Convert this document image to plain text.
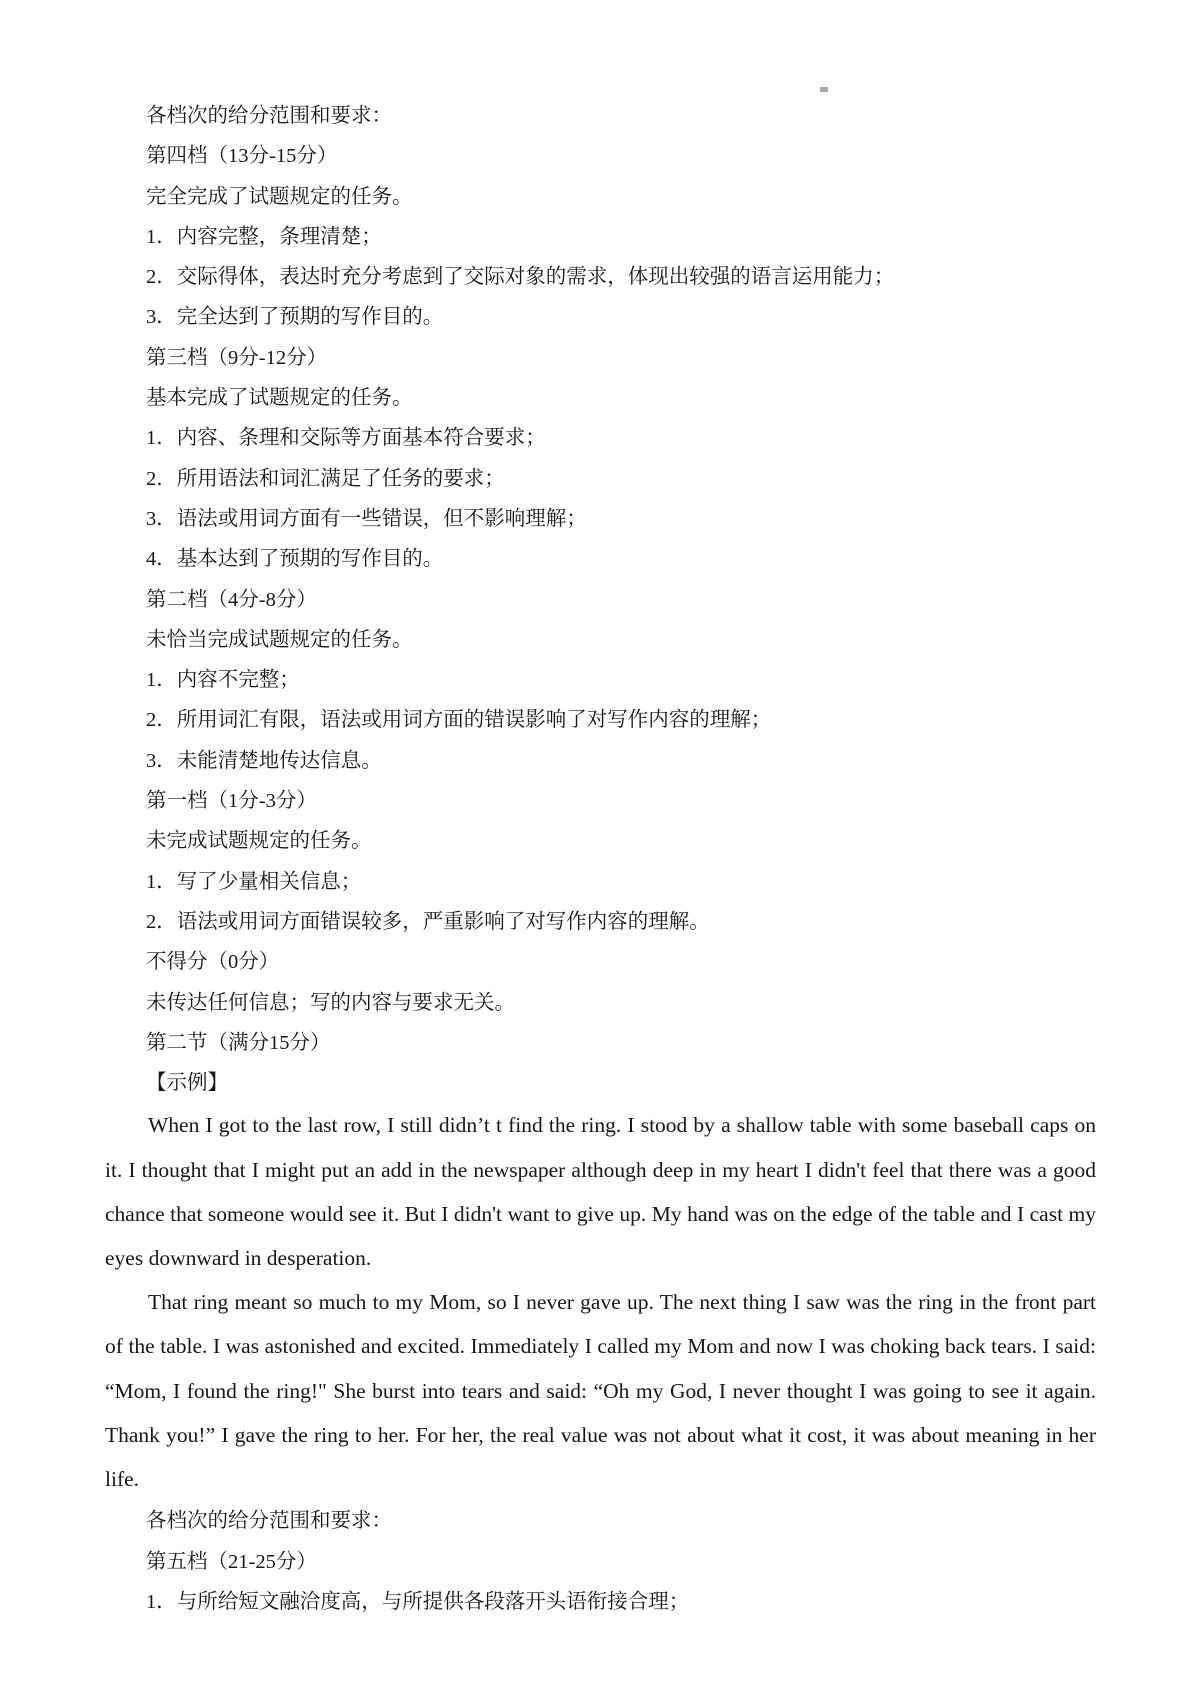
各档次的给分范围和要求：

第四档（13分-15分）

完全完成了试题规定的任务。

1．内容完整，条理清楚；

2．交际得体，表达时充分考虑到了交际对象的需求，体现出较强的语言运用能力；

3．完全达到了预期的写作目的。

第三档（9分-12分）

基本完成了试题规定的任务。

1．内容、条理和交际等方面基本符合要求；

2．所用语法和词汇满足了任务的要求；

3．语法或用词方面有一些错误，但不影响理解；

4．基本达到了预期的写作目的。

第二档（4分-8分）

未恰当完成试题规定的任务。

1．内容不完整；

2．所用词汇有限，语法或用词方面的错误影响了对写作内容的理解；

3．未能清楚地传达信息。

第一档（1分-3分）

未完成试题规定的任务。

1．写了少量相关信息；

2．语法或用词方面错误较多，严重影响了对写作内容的理解。

不得分（0分）

未传达任何信息；写的内容与要求无关。

第二节（满分15分）

【示例】

When I got to the last row, I still didn’t t find the ring. I stood by a shallow table with some baseball caps on it. I thought that I might put an add in the newspaper although deep in my heart I didn't feel that there was a good chance that someone would see it. But I didn't want to give up. My hand was on the edge of the table and I cast my eyes downward in desperation.

That ring meant so much to my Mom, so I never gave up. The next thing I saw was the ring in the front part of the table. I was astonished and excited. Immediately I called my Mom and now I was choking back tears. I said: “Mom, I found the ring!" She burst into tears and said: “Oh my God, I never thought I was going to see it again. Thank you!” I gave the ring to her. For her, the real value was not about what it cost, it was about meaning in her life.

各档次的给分范围和要求：

第五档（21-25分）

1．与所给短文融洽度高，与所提供各段落开头语衔接合理；
